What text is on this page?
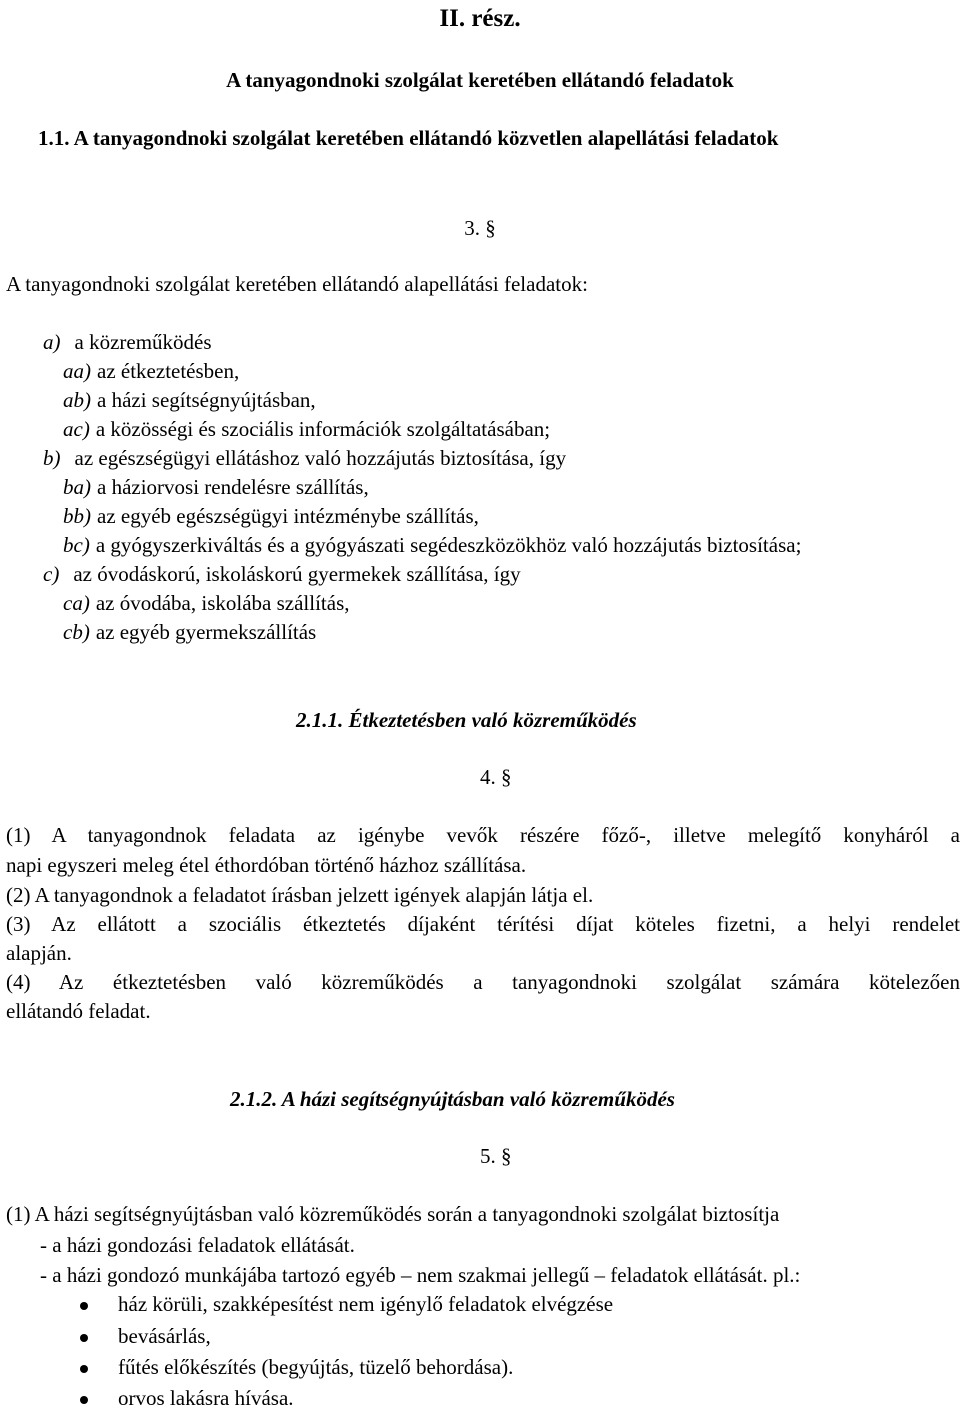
II. rész.
A tanyagondnoki szolgálat keretében ellátandó feladatok
1.1. A tanyagondnoki szolgálat keretében ellátandó közvetlen alapellátási feladatok
3. §
A tanyagondnoki szolgálat keretében ellátandó alapellátási feladatok:
a) a közreműködés
aa) az étkeztetésben,
ab) a házi segítségnyújtásban,
ac) a közösségi és szociális információk szolgáltatásában;
b) az egészségügyi ellátáshoz való hozzájutás biztosítása, így
ba) a háziorvosi rendelésre szállítás,
bb) az egyéb egészségügyi intézménybe szállítás,
bc) a gyógyszerkiváltás és a gyógyászati segédeszközökhöz való hozzájutás biztosítása;
c) az óvodáskorú, iskoláskorú gyermekek szállítása, így
ca) az óvodába, iskolába szállítás,
cb) az egyéb gyermekszállítás
2.1.1. Étkeztetésben való közreműködés
4. §
(1) A tanyagondnok feladata az igénybe vevők részére főző-, illetve melegítő konyháról a
napi egyszeri meleg étel éthordóban történő házhoz szállítása.
(2) A tanyagondnok a feladatot írásban jelzett igények alapján látja el.
(3) Az ellátott a szociális étkeztetés díjaként térítési díjat köteles fizetni, a helyi rendelet
alapján.
(4) Az étkeztetésben való közreműködés a tanyagondnoki szolgálat számára kötelezően
ellátandó feladat.
2.1.2. A házi segítségnyújtásban való közreműködés
5. §
(1) A házi segítségnyújtásban való közreműködés során a tanyagondnoki szolgálat biztosítja
- a házi gondozási feladatok ellátását.
- a házi gondozó munkájába tartozó egyéb – nem szakmai jellegű – feladatok ellátását. pl.:
ház körüli, szakképesítést nem igénylő feladatok elvégzése
bevásárlás,
fűtés előkészítés (begyújtás, tüzelő behordása).
orvos lakásra hívása.
